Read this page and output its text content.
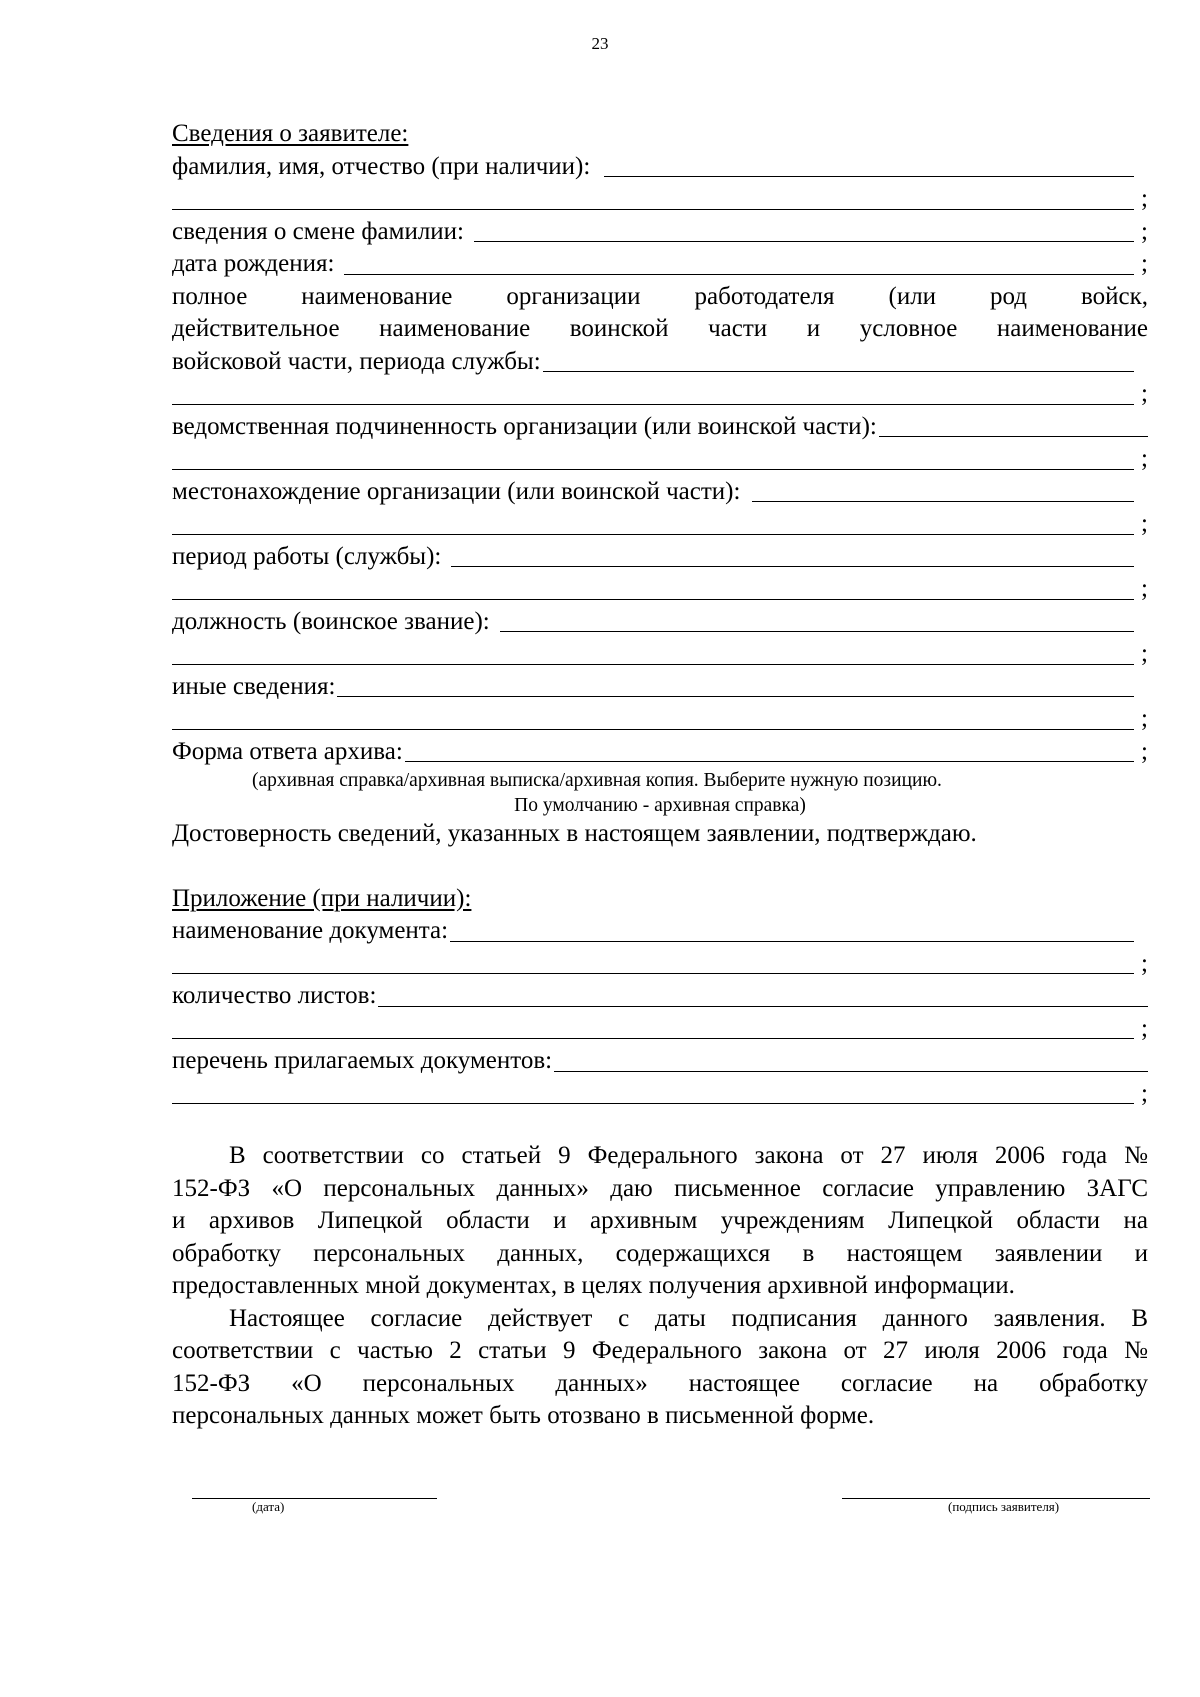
23
Сведения о заявителе:
фамилия, имя, отчество (при наличии):
;
сведения о смене фамилии:	;
дата рождения:	;
полное наименование организации работодателя (или род войск,
действительное наименование воинской части и условное наименование
войсковой части, периода службы:
;
ведомственная подчиненность организации (или воинской части):
;
местонахождение организации (или воинской части):
;
период работы (службы):
;
должность (воинское звание):
;
иные сведения:
;
Форма ответа архива:	;
(архивная справка/архивная выписка/архивная копия. Выберите нужную позицию.
По умолчанию - архивная справка)
Достоверность сведений, указанных в настоящем заявлении, подтверждаю.
Приложение (при наличии):
наименование документа:
;
количество листов:
;
перечень прилагаемых документов:
;
В соответствии со статьей 9 Федерального закона от 27 июля 2006 года №
152-ФЗ «О персональных данных» даю письменное согласие управлению ЗАГС
и архивов Липецкой области и архивным учреждениям Липецкой области на
обработку персональных данных, содержащихся в настоящем заявлении и
предоставленных мной документах, в целях получения архивной информации.
Настоящее согласие действует с даты подписания данного заявления. В
соответствии с частью 2 статьи 9 Федерального закона от 27 июля 2006 года №
152-ФЗ «О персональных данных» настоящее согласие на обработку
персональных данных может быть отозвано в письменной форме.
(дата)	(подпись заявителя)
